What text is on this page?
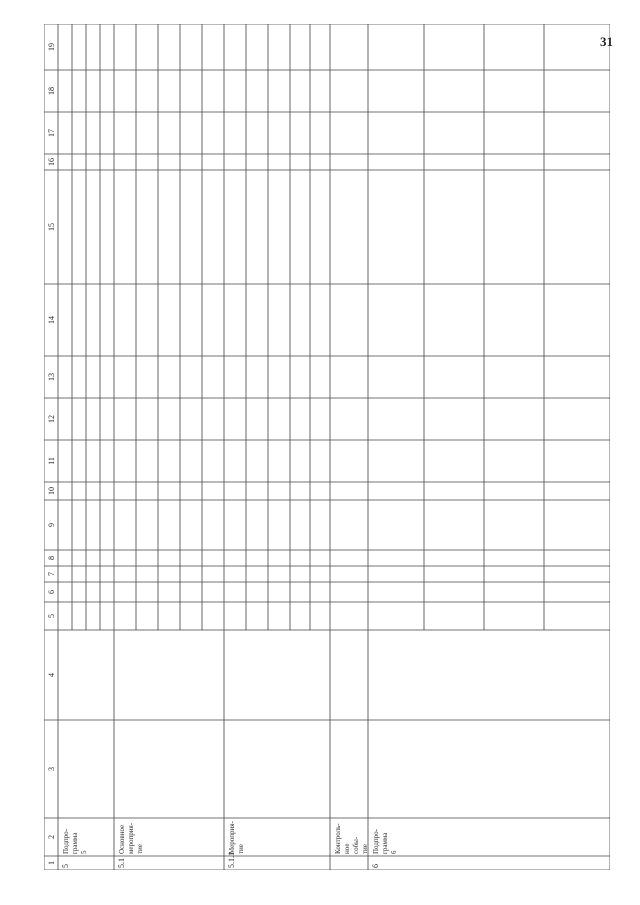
31
1
2
3
4
5
6
7
8
9
10
11
12
13
14
15
16
17
18
19
5
Подпро- грамма 5
5.1
Основное мероприя- тие
5.1.1
Мероприя- тие	Контроль- ное собы- тие
6
Подпро- грамма 6
